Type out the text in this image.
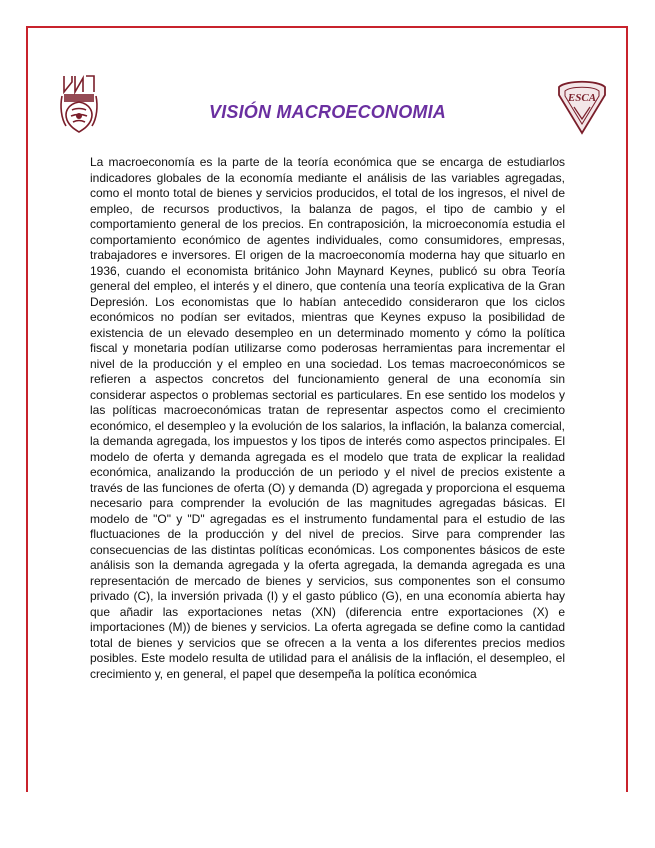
VISIÓN MACROECONOMIA
ESCA

La macroeconomía es la parte de la teoría económica que se encarga de estudiarlos indicadores globales de la economía mediante el análisis de las variables agregadas, como el monto total de bienes y servicios producidos, el total de los ingresos, el nivel de empleo, de recursos productivos, la balanza de pagos, el tipo de cambio y el comportamiento general de los precios. En contraposición, la microeconomía estudia el comportamiento económico de agentes individuales, como consumidores, empresas, trabajadores e inversores. El origen de la macroeconomía moderna hay que situarlo en 1936, cuando el economista británico John Maynard Keynes, publicó su obra Teoría general del empleo, el interés y el dinero, que contenía una teoría explicativa de la Gran Depresión. Los economistas que lo habían antecedido consideraron que los ciclos económicos no podían ser evitados, mientras que Keynes expuso la posibilidad de existencia de un elevado desempleo en un determinado momento y cómo la política fiscal y monetaria podían utilizarse como poderosas herramientas para incrementar el nivel de la producción y el empleo en una sociedad. Los temas macroeconómicos se refieren a aspectos concretos del funcionamiento general de una economía sin considerar aspectos o problemas sectorial es particulares. En ese sentido los modelos y las políticas macroeconómicas tratan de representar aspectos como el crecimiento económico, el desempleo y la evolución de los salarios, la inflación, la balanza comercial, la demanda agregada, los impuestos y los tipos de interés como aspectos principales. El modelo de oferta y demanda agregada es el modelo que trata de explicar la realidad económica, analizando la producción de un periodo y el nivel de precios existente a través de las funciones de oferta (O) y demanda (D) agregada y proporciona el esquema necesario para comprender la evolución de las magnitudes agregadas básicas. El modelo de "O" y "D" agregadas es el instrumento fundamental para el estudio de las fluctuaciones de la producción y del nivel de precios. Sirve para comprender las consecuencias de las distintas políticas económicas. Los componentes básicos de este análisis son la demanda agregada y la oferta agregada, la demanda agregada es una representación de mercado de bienes y servicios, sus componentes son el consumo privado (C), la inversión privada (I) y el gasto público (G), en una economía abierta hay que añadir las exportaciones netas (XN) (diferencia entre exportaciones (X) e importaciones (M)) de bienes y servicios. La oferta agregada se define como la cantidad total de bienes y servicios que se ofrecen a la venta a los diferentes precios medios posibles. Este modelo resulta de utilidad para el análisis de la inflación, el desempleo, el crecimiento y, en general, el papel que desempeña la política económica
